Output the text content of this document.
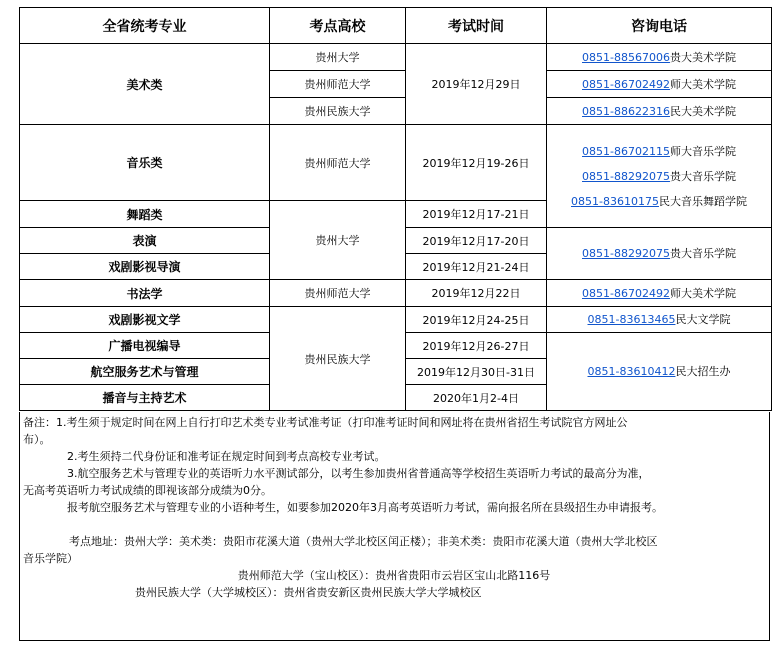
全省统考专业	考点高校	考试时间	咨询电话
美术类	贵州大学	2019年12月29日	0851-88567006贵大美术学院

	贵州师范大学		0851-86702492师大美术学院

	贵州民族大学		0851-88622316民大美术学院

音乐类	贵州师范大学	2019年12月19-26日	0851-86702115师大音乐学院
0851-88292075贵大音乐学院
0851-83610175民大音乐舞蹈学院

舞蹈类	贵州大学	2019年12月17-21日	
表演		2019年12月17-20日	0851-88292075贵大音乐学院

戏剧影视导演		2019年12月21-24日	
书法学	贵州师范大学	2019年12月22日	0851-86702492师大美术学院

戏剧影视文学	贵州民族大学	2019年12月24-25日	0851-83613465民大文学院

广播电视编导		2019年12月26-27日	0851-83610412民大招生办

航空服务艺术与管理		2019年12月30日-31日	
播音与主持艺术		2020年1月2-4日	

备注：1.考生须于规定时间在网上自行打印艺术类专业考试准考证（打印准考证时间和网址将在贵州省招生考试院官方网址公

布）。

2.考生须持二代身份证和准考证在规定时间到考点高校专业考试。

3.航空服务艺术与管理专业的英语听力水平测试部分，以考生参加贵州省普通高等学校招生英语听力考试的最高分为准，

无高考英语听力考试成绩的即视该部分成绩为0分。

报考航空服务艺术与管理专业的小语种考生，如要参加2020年3月高考英语听力考试，需向报名所在县级招生办申请报考。

考点地址：贵州大学：美术类：贵阳市花溪大道（贵州大学北校区闰正楼）；非美术类：贵阳市花溪大道（贵州大学北校区

音乐学院）

贵州师范大学（宝山校区）：贵州省贵阳市云岩区宝山北路116号

贵州民族大学（大学城校区）：贵州省贵安新区贵州民族大学大学城校区
